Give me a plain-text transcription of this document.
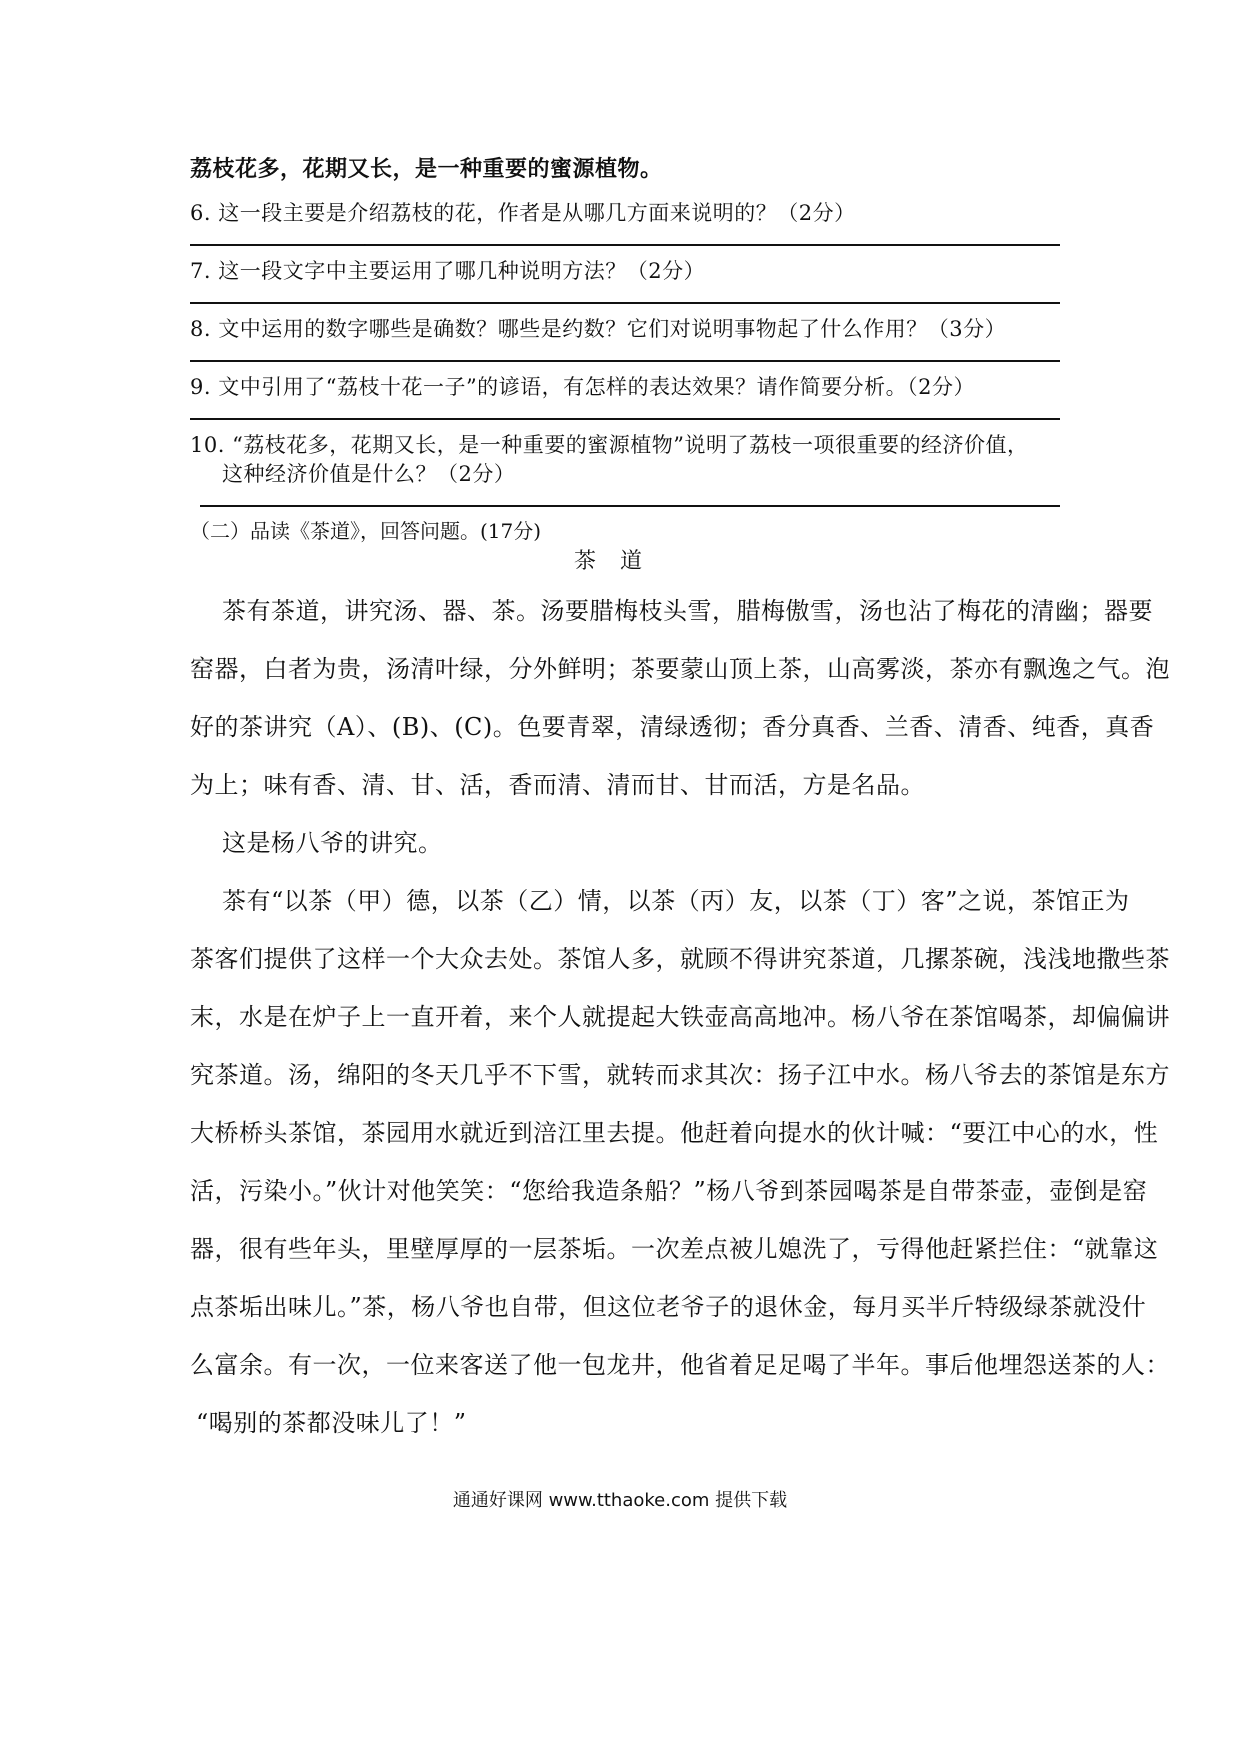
荔枝花多，花期又长，是一种重要的蜜源植物。
6. 这一段主要是介绍荔枝的花，作者是从哪几方面来说明的？（2分）
7. 这一段文字中主要运用了哪几种说明方法？（2分）
8. 文中运用的数字哪些是确数？哪些是约数？它们对说明事物起了什么作用？（3分）
9. 文中引用了“荔枝十花一子”的谚语，有怎样的表达效果？请作简要分析。（2分）
10. “荔枝花多，花期又长，是一种重要的蜜源植物”说明了荔枝一项很重要的经济价值，
这种经济价值是什么？（2分）
（二）品读《茶道》，回答问题。(17分)
茶道
茶有茶道，讲究汤、器、茶。汤要腊梅枝头雪，腊梅傲雪，汤也沾了梅花的清幽；器要
窑器，白者为贵，汤清叶绿，分外鲜明；茶要蒙山顶上茶，山高雾淡，茶亦有飘逸之气。泡
好的茶讲究（A）、(B)、(C)。色要青翠，清绿透彻；香分真香、兰香、清香、纯香，真香
为上；味有香、清、甘、活，香而清、清而甘、甘而活，方是名品。
这是杨八爷的讲究。
茶有“以茶（甲）德，以茶（乙）情，以茶（丙）友，以茶（丁）客”之说，茶馆正为
茶客们提供了这样一个大众去处。茶馆人多，就顾不得讲究茶道，几摞茶碗，浅浅地撒些茶
末，水是在炉子上一直开着，来个人就提起大铁壶高高地冲。杨八爷在茶馆喝茶，却偏偏讲
究茶道。汤，绵阳的冬天几乎不下雪，就转而求其次：扬子江中水。杨八爷去的茶馆是东方
大桥桥头茶馆，茶园用水就近到涪江里去提。他赶着向提水的伙计喊：“要江中心的水，性
活，污染小。”伙计对他笑笑：“您给我造条船？”杨八爷到茶园喝茶是自带茶壶，壶倒是窑
器，很有些年头，里壁厚厚的一层茶垢。一次差点被儿媳洗了，亏得他赶紧拦住：“就靠这
点茶垢出味儿。”茶，杨八爷也自带，但这位老爷子的退休金，每月买半斤特级绿茶就没什
么富余。有一次，一位来客送了他一包龙井，他省着足足喝了半年。事后他埋怨送茶的人：
“喝别的茶都没味儿了！”
通通好课网 www.tthaoke.com 提供下载
